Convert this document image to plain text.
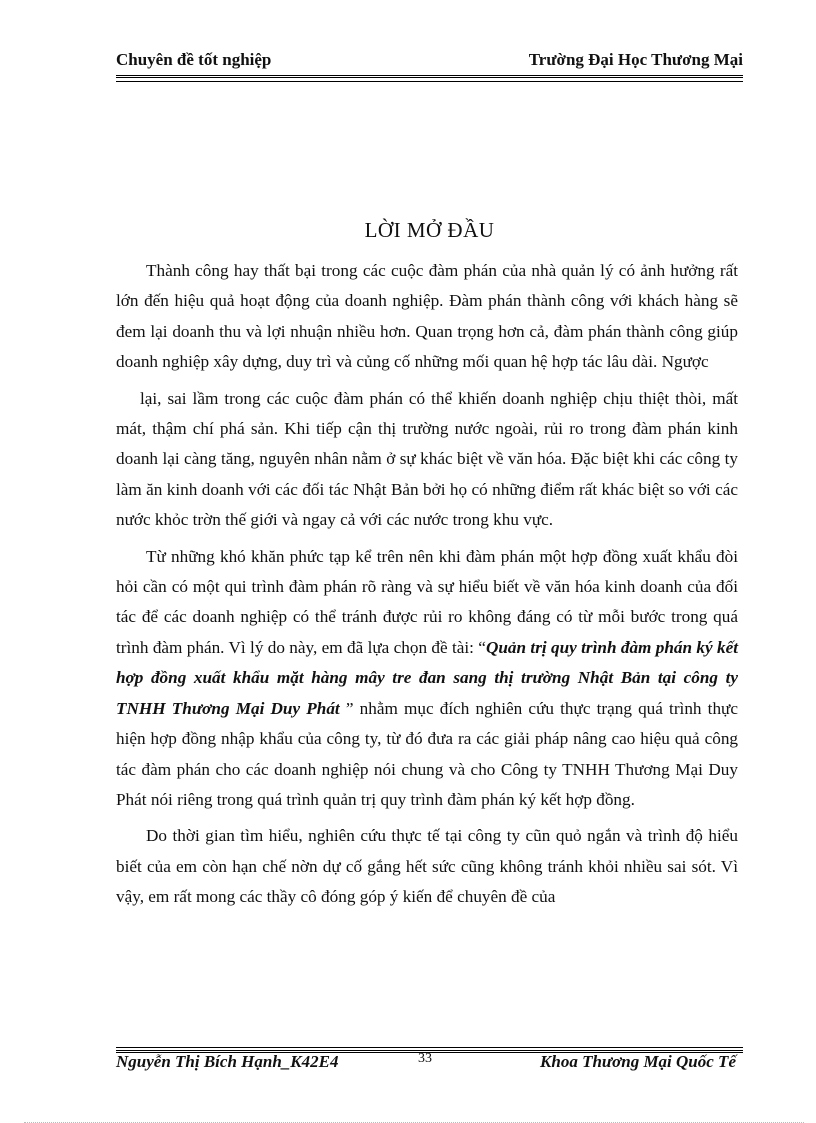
Chuyên đề tốt nghiệp	Trường Đại Học Thương Mại
LỜI MỞ ĐẦU

Thành công hay thất bại trong các cuộc đàm phán của nhà quản lý có ảnh hưởng rất lớn đến hiệu quả hoạt động của doanh nghiệp. Đàm phán thành công với khách hàng sẽ đem lại doanh thu và lợi nhuận nhiều hơn. Quan trọng hơn cả, đàm phán thành công giúp doanh nghiệp xây dựng, duy trì và củng cố những mối quan hệ hợp tác lâu dài. Ngược

lại, sai lầm trong các cuộc đàm phán có thể khiến doanh nghiệp chịu thiệt thòi, mất mát, thậm chí phá sản. Khi tiếp cận thị trường nước ngoài, rủi ro trong đàm phán kinh doanh lại càng tăng, nguyên nhân nằm ở sự khác biệt về văn hóa. Đặc biệt khi các công ty làm ăn kinh doanh với các đối tác Nhật Bản bởi họ có những điểm rất khác biệt so với các nước khỏc trờn thế giới và ngay cả với các nước trong khu vực.

Từ những khó khăn phức tạp kể trên nên khi đàm phán một hợp đồng xuất khẩu đòi hỏi cần có một qui trình đàm phán rõ ràng và sự hiểu biết về văn hóa kinh doanh của đối tác để các doanh nghiệp có thể tránh được rủi ro không đáng có từ mỗi bước trong quá trình đàm phán. Vì lý do này, em đã lựa chọn đề tài: “Quản trị quy trình đàm phán ký kết hợp đồng xuất khẩu mặt hàng mây tre đan sang thị trường Nhật Bản tại công ty TNHH Thương Mại Duy Phát ” nhằm mục đích nghiên cứu thực trạng quá trình thực hiện hợp đồng nhập khẩu của công ty, từ đó đưa ra các giải pháp nâng cao hiệu quả công tác đàm phán cho các doanh nghiệp nói chung và cho Công ty TNHH Thương Mại Duy Phát nói riêng trong quá trình quản trị quy trình đàm phán ký kết hợp đồng.

Do thời gian tìm hiểu, nghiên cứu thực tế tại công ty cũn quỏ ngắn và trình độ hiểu biết của em còn hạn chế nờn dự cố gắng hết sức cũng không tránh khỏi nhiều sai sót. Vì vậy, em rất mong các thầy cô đóng góp ý kiến để chuyên đề của

Nguyễn Thị Bích Hạnh_K42E4	Khoa Thương Mại Quốc Tế
33
